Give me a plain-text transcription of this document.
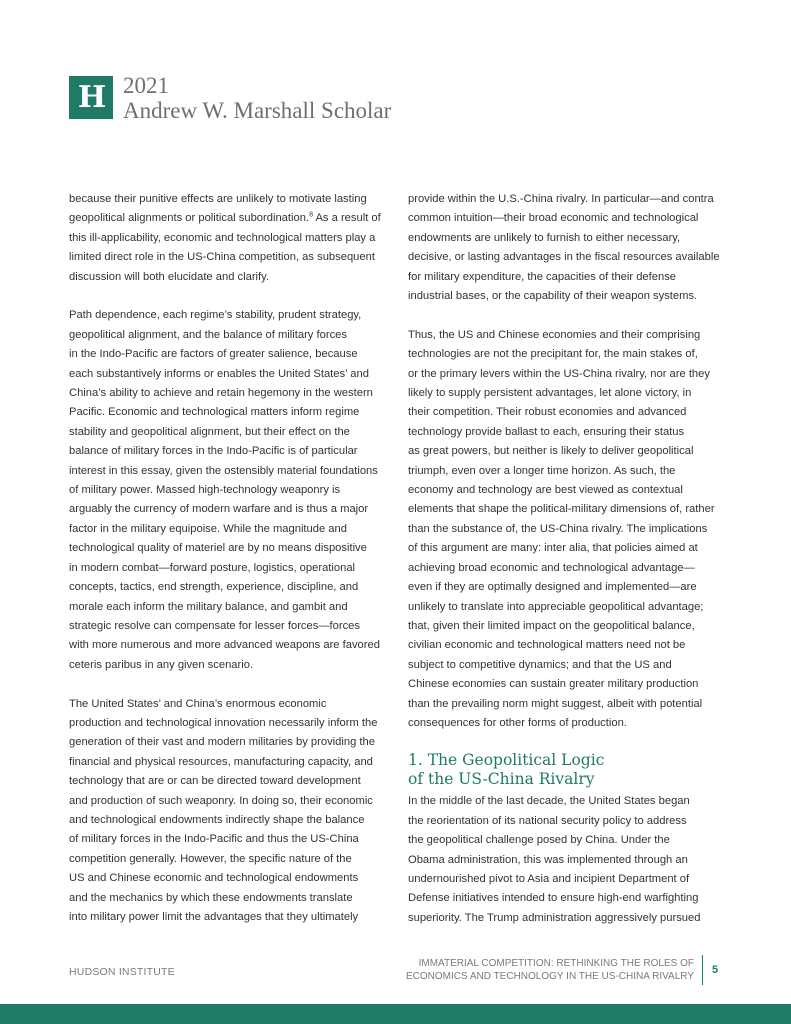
H 2021
Andrew W. Marshall Scholar

because their punitive effects are unlikely to motivate lasting
geopolitical alignments or political subordination.$^8$ As a result of
this ill-applicability, economic and technological matters play a
limited direct role in the US-China competition, as subsequent
discussion will both elucidate and clarify.

Path dependence, each regime’s stability, prudent strategy,
geopolitical alignment, and the balance of military forces
in the Indo-Pacific are factors of greater salience, because
each substantively informs or enables the United States’ and
China’s ability to achieve and retain hegemony in the western
Pacific. Economic and technological matters inform regime
stability and geopolitical alignment, but their effect on the
balance of military forces in the Indo-Pacific is of particular
interest in this essay, given the ostensibly material foundations
of military power. Massed high-technology weaponry is
arguably the currency of modern warfare and is thus a major
factor in the military equipoise. While the magnitude and
technological quality of materiel are by no means dispositive
in modern combat—forward posture, logistics, operational
concepts, tactics, end strength, experience, discipline, and
morale each inform the military balance, and gambit and
strategic resolve can compensate for lesser forces—forces
with more numerous and more advanced weapons are favored
ceteris paribus in any given scenario.

The United States’ and China’s enormous economic
production and technological innovation necessarily inform the
generation of their vast and modern militaries by providing the
financial and physical resources, manufacturing capacity, and
technology that are or can be directed toward development
and production of such weaponry. In doing so, their economic
and technological endowments indirectly shape the balance
of military forces in the Indo-Pacific and thus the US-China
competition generally. However, the specific nature of the
US and Chinese economic and technological endowments
and the mechanics by which these endowments translate
into military power limit the advantages that they ultimately

provide within the U.S.-China rivalry. In particular—and contra
common intuition—their broad economic and technological
endowments are unlikely to furnish to either necessary,
decisive, or lasting advantages in the fiscal resources available
for military expenditure, the capacities of their defense
industrial bases, or the capability of their weapon systems.

Thus, the US and Chinese economies and their comprising
technologies are not the precipitant for, the main stakes of,
or the primary levers within the US-China rivalry, nor are they
likely to supply persistent advantages, let alone victory, in
their competition. Their robust economies and advanced
technology provide ballast to each, ensuring their status
as great powers, but neither is likely to deliver geopolitical
triumph, even over a longer time horizon. As such, the
economy and technology are best viewed as contextual
elements that shape the political-military dimensions of, rather
than the substance of, the US-China rivalry. The implications
of this argument are many: inter alia, that policies aimed at
achieving broad economic and technological advantage—
even if they are optimally designed and implemented—are
unlikely to translate into appreciable geopolitical advantage;
that, given their limited impact on the geopolitical balance,
civilian economic and technological matters need not be
subject to competitive dynamics; and that the US and
Chinese economies can sustain greater military production
than the prevailing norm might suggest, albeit with potential
consequences for other forms of production.

1. The Geopolitical Logic
of the US-China Rivalry

In the middle of the last decade, the United States began
the reorientation of its national security policy to address
the geopolitical challenge posed by China. Under the
Obama administration, this was implemented through an
undernourished pivot to Asia and incipient Department of
Defense initiatives intended to ensure high-end warfighting
superiority. The Trump administration aggressively pursued

HUDSON INSTITUTE
IMMATERIAL COMPETITION: RETHINKING THE ROLES OF
ECONOMICS AND TECHNOLOGY IN THE US-CHINA RIVALRY
5
